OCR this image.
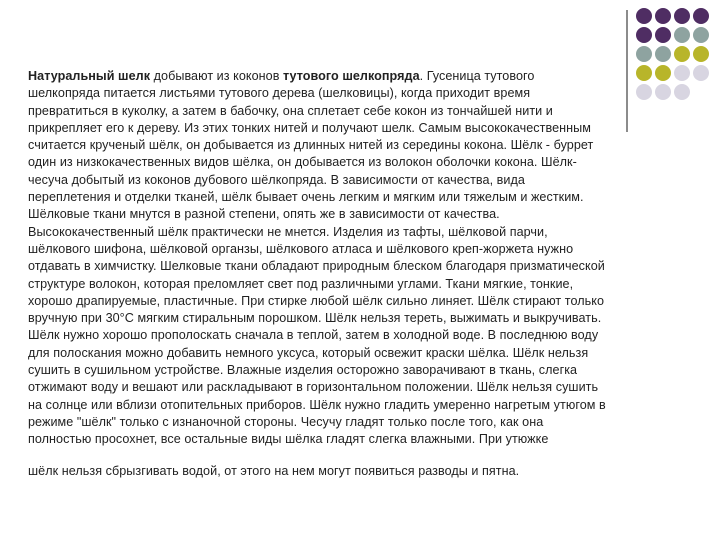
Натуральный шелк добывают из коконов тутового шелкопряда. Гусеница тутового шелкопряда питается листьями тутового дерева (шелковицы), когда приходит время превратиться в куколку, а затем в бабочку, она сплетает себе кокон из тончайшей нити и прикрепляет его к дереву. Из этих тонких нитей и получают шелк. Самым высококачественным считается крученый шёлк, он добывается из длинных нитей из середины кокона. Шёлк - буррет один из низкокачественных видов шёлка, он добывается из волокон оболочки кокона. Шёлк- чесуча добытый из коконов дубового шёлкопряда. В зависимости от качества, вида переплетения и отделки тканей, шёлк бывает очень легким и мягким или тяжелым и жестким. Шёлковые ткани мнутся в разной степени, опять же в зависимости от качества. Высококачественный шёлк практически не мнется. Изделия из тафты, шёлковой парчи, шёлкового шифона, шёлковой органзы, шёлкового атласа и шёлкового креп-жоржета нужно отдавать в химчистку. Шелковые ткани обладают природным блеском благодаря призматической структуре волокон, которая преломляет свет под различными углами. Ткани мягкие, тонкие, хорошо драпируемые, пластичные. При стирке любой шёлк сильно линяет. Шёлк стирают только вручную при 30°С мягким стиральным порошком. Шёлк нельзя тереть, выжимать и выкручивать. Шёлк нужно хорошо прополоскать сначала в теплой, затем в холодной воде. В последнюю воду для полоскания можно добавить немного уксуса, который освежит краски шёлка. Шёлк нельзя сушить в сушильном устройстве. Влажные изделия осторожно заворачивают в ткань, слегка отжимают воду и вешают или раскладывают в горизонтальном положении. Шёлк нельзя сушить на солнце или вблизи отопительных приборов. Шёлк нужно гладить умеренно нагретым утюгом в режиме "шёлк" только с изнаночной стороны. Чесучу гладят только после того, как она полностью просохнет, все остальные виды шёлка гладят слегка влажными. При утюжке

шёлк нельзя сбрызгивать водой, от этого на нем могут появиться разводы и пятна.
